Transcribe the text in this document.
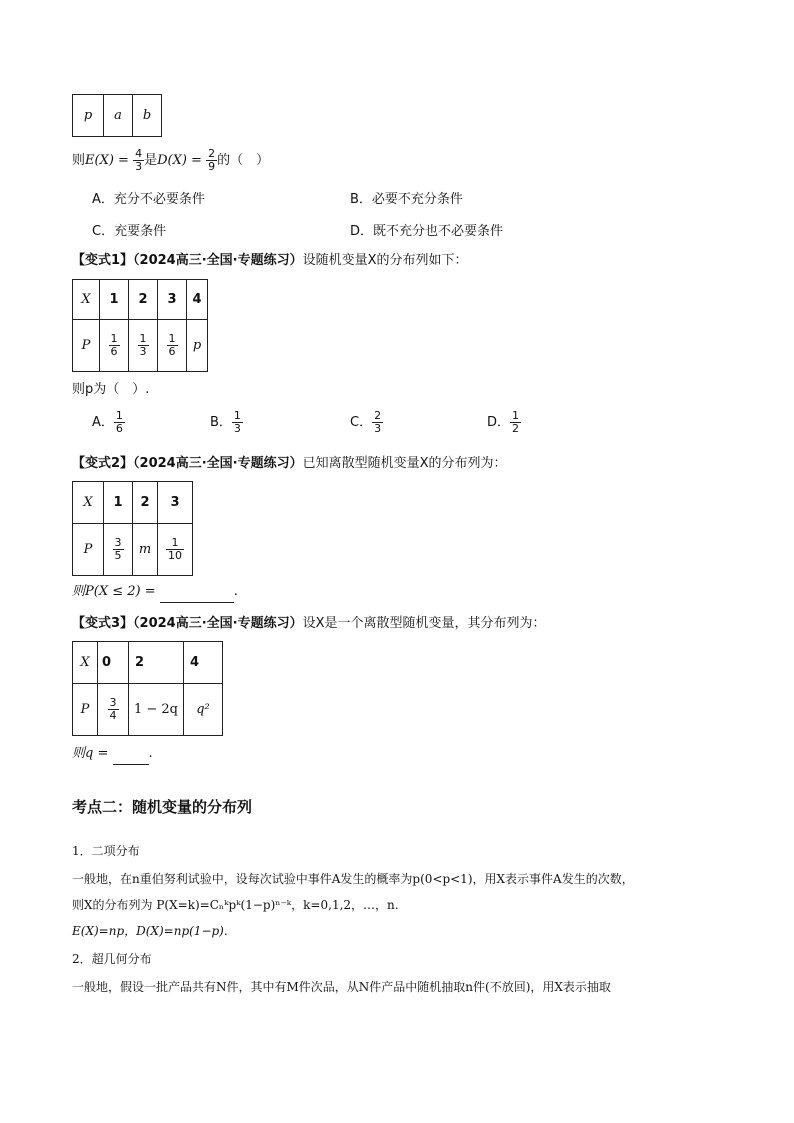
p	a	b
则$E(X) = \frac{4}{3}$ 是$D(X) = \frac{2}{9}$ 的（　）
A．充分不必要条件	B．必要不充分条件
C．充要条件	D．既不充分也不必要条件
【变式1】（2024高三·全国·专题练习）设随机变量X的分布列如下：
X	1	2	3	4
P	$\frac{1}{6}$	$\frac{1}{3}$	$\frac{1}{6}$	p
则p为（　）.
A． $\frac{1}{6}$	B． $\frac{1}{3}$	C． $\frac{2}{3}$	D． $\frac{1}{2}$
【变式2】（2024高三·全国·专题练习）已知离散型随机变量X的分布列为：
X	1	2	3
P	$\frac{3}{5}$	m	$\frac{1}{10}$
则P(X ≤ 2) =	.
【变式3】（2024高三·全国·专题练习）设X是一个离散型随机变量，其分布列为：
X	0	2	4
P	$\frac{3}{4}$	1 − 2q	q²
则q =	.
考点二：随机变量的分布列
1．二项分布
一般地，在n重伯努利试验中，设每次试验中事件A发生的概率为p(0<p<1)，用X表示事件A发生的次数，
则X的分布列为 P(X=k)=Cₙᵏpᵏ(1−p)ⁿ⁻ᵏ，k=0,1,2，…，n.
E(X)=np，D(X)=np(1−p).
2．超几何分布
一般地，假设一批产品共有N件，其中有M件次品，从N件产品中随机抽取n件(不放回)，用X表示抽取
